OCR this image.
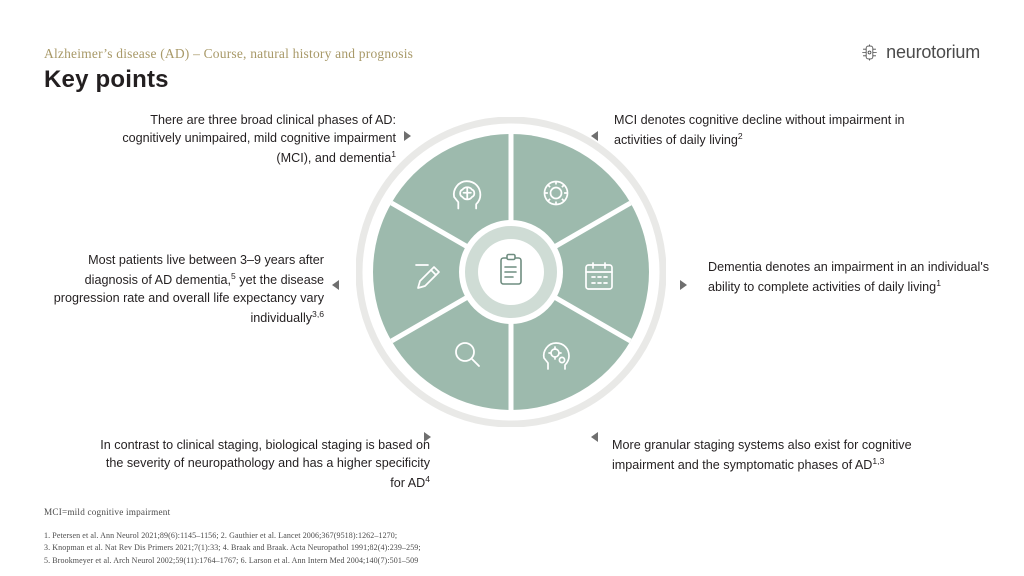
Alzheimer’s disease (AD) – Course, natural history and prognosis
Key points
neurotorium
There are three broad clinical phases of AD: cognitively unimpaired, mild cognitive impairment (MCI), and dementia$^1$
Most patients live between 3–9 years after diagnosis of AD dementia,$^5$ yet the disease progression rate and overall life expectancy vary individually$^{3,6}$
In contrast to clinical staging, biological staging is based on the severity of neuropathology and has a higher specificity for $AD^4$
MCI denotes cognitive decline without impairment in activities of daily living$^2$
Dementia denotes an impairment in an individual's ability to complete activities of daily living$^1$
More granular staging systems also exist for cognitive impairment and the symptomatic phases of AD$^{1,3}$
MCI=mild cognitive impairment
1. Petersen et al. Ann Neurol 2021;89(6):1145–1156; 2. Gauthier et al. Lancet 2006;367(9518):1262–1270;
3. Knopman et al. Nat Rev Dis Primers 2021;7(1):33; 4. Braak and Braak. Acta Neuropathol 1991;82(4):239–259;
5. Brookmeyer et al. Arch Neurol 2002;59(11):1764–1767; 6. Larson et al. Ann Intern Med 2004;140(7):501–509
